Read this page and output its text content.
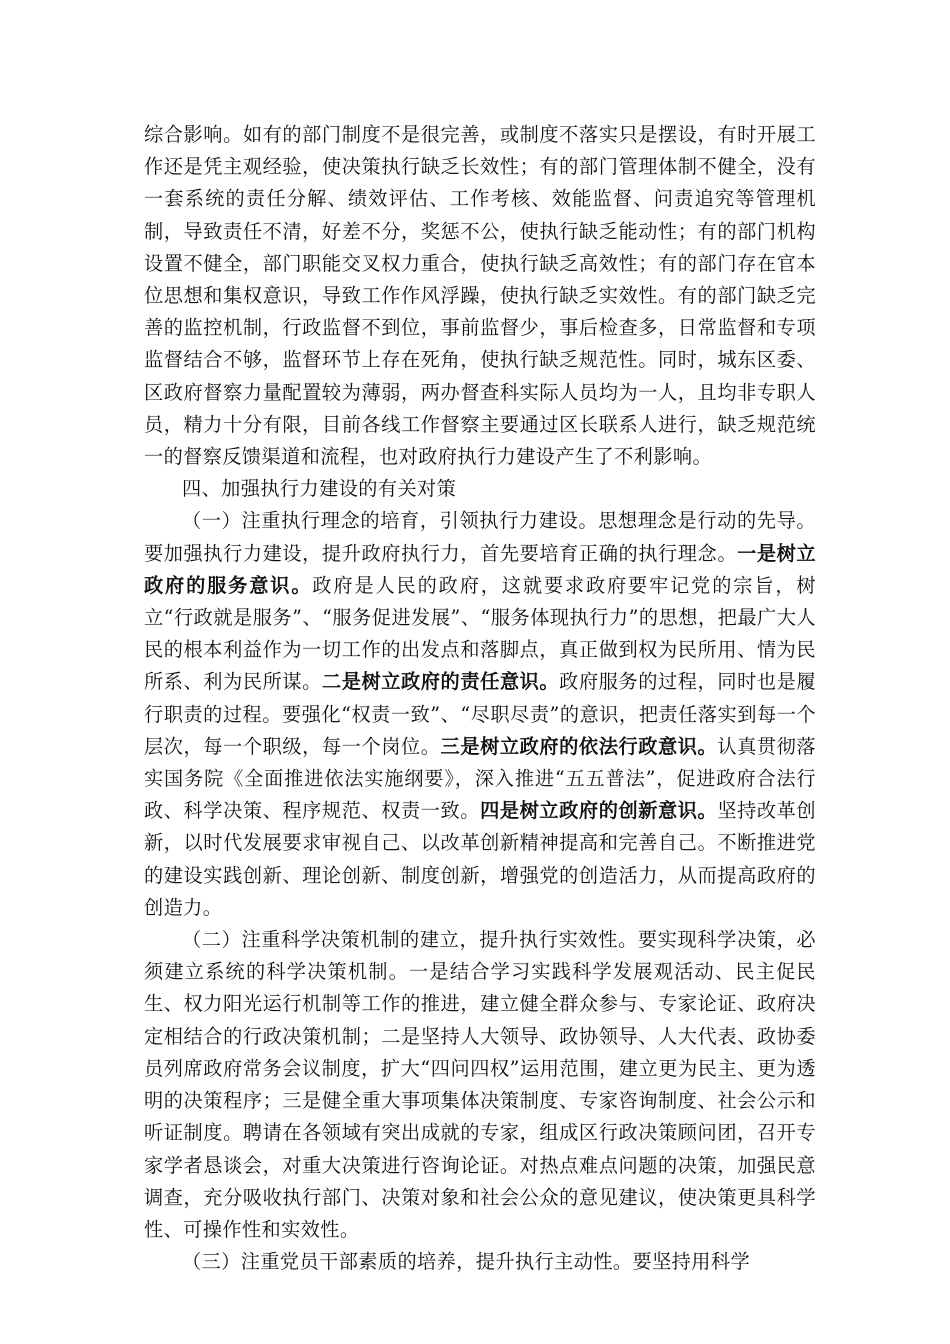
综合影响。如有的部门制度不是很完善，或制度不落实只是摆设，有时开展工作还是凭主观经验，使决策执行缺乏长效性；有的部门管理体制不健全，没有一套系统的责任分解、绩效评估、工作考核、效能监督、问责追究等管理机制，导致责任不清，好差不分，奖惩不公，使执行缺乏能动性；有的部门机构设置不健全，部门职能交叉权力重合，使执行缺乏高效性；有的部门存在官本位思想和集权意识，导致工作作风浮躁，使执行缺乏实效性。有的部门缺乏完善的监控机制，行政监督不到位，事前监督少，事后检查多，日常监督和专项监督结合不够，监督环节上存在死角，使执行缺乏规范性。同时，城东区委、区政府督察力量配置较为薄弱，两办督查科实际人员均为一人，且均非专职人员，精力十分有限，目前各线工作督察主要通过区长联系人进行，缺乏规范统一的督察反馈渠道和流程，也对政府执行力建设产生了不利影响。

四、加强执行力建设的有关对策

（一）注重执行理念的培育，引领执行力建设。思想理念是行动的先导。要加强执行力建设，提升政府执行力，首先要培育正确的执行理念。一是树立政府的服务意识。政府是人民的政府，这就要求政府要牢记党的宗旨，树立“行政就是服务”、“服务促进发展”、“服务体现执行力”的思想，把最广大人民的根本利益作为一切工作的出发点和落脚点，真正做到权为民所用、情为民所系、利为民所谋。二是树立政府的责任意识。政府服务的过程，同时也是履行职责的过程。要强化“权责一致”、“尽职尽责”的意识，把责任落实到每一个层次，每一个职级，每一个岗位。三是树立政府的依法行政意识。认真贯彻落实国务院《全面推进依法实施纲要》，深入推进“五五普法”，促进政府合法行政、科学决策、程序规范、权责一致。四是树立政府的创新意识。坚持改革创新，以时代发展要求审视自己、以改革创新精神提高和完善自己。不断推进党的建设实践创新、理论创新、制度创新，增强党的创造活力，从而提高政府的创造力。

（二）注重科学决策机制的建立，提升执行实效性。要实现科学决策，必须建立系统的科学决策机制。一是结合学习实践科学发展观活动、民主促民生、权力阳光运行机制等工作的推进，建立健全群众参与、专家论证、政府决定相结合的行政决策机制；二是坚持人大领导、政协领导、人大代表、政协委员列席政府常务会议制度，扩大“四问四权”运用范围，建立更为民主、更为透明的决策程序；三是健全重大事项集体决策制度、专家咨询制度、社会公示和听证制度。聘请在各领域有突出成就的专家，组成区行政决策顾问团，召开专家学者恳谈会，对重大决策进行咨询论证。对热点难点问题的决策，加强民意调查，充分吸收执行部门、决策对象和社会公众的意见建议，使决策更具科学性、可操作性和实效性。

（三）注重党员干部素质的培养，提升执行主动性。要坚持用科学
